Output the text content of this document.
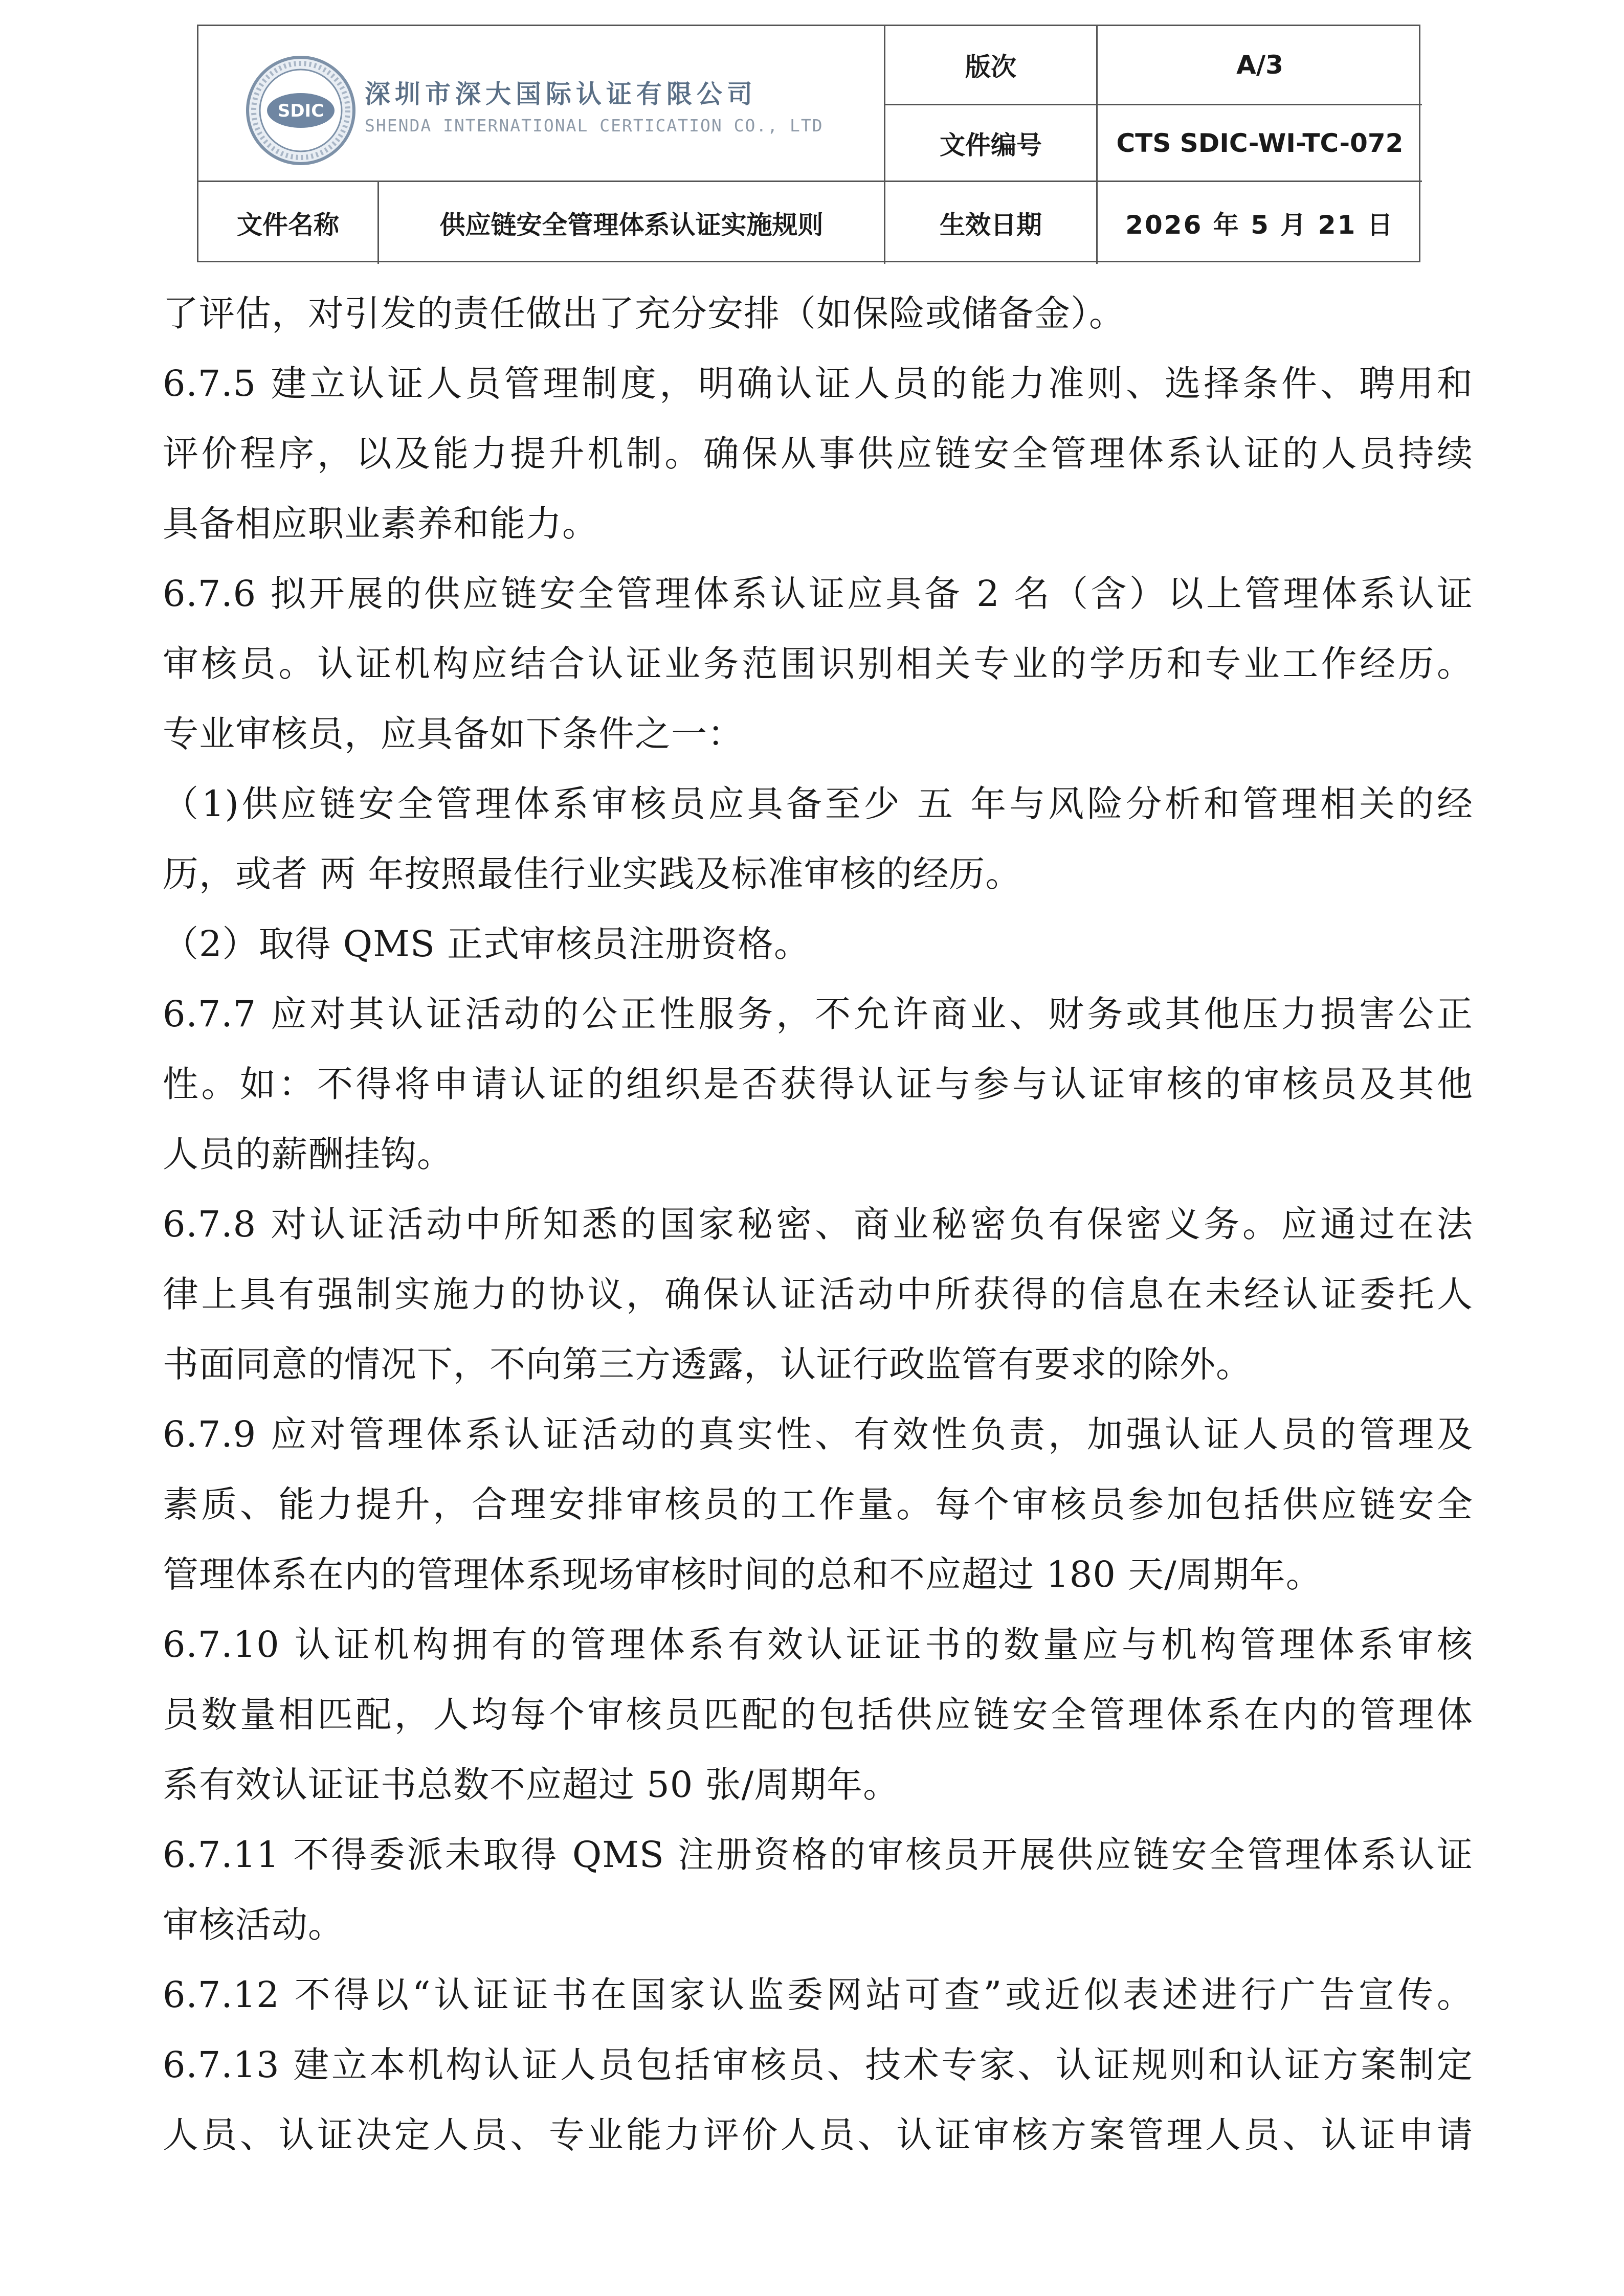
SDIC
深圳市深大国际认证有限公司
SHENDA INTERNATIONAL CERTICATION CO., LTD
版次	A/3
文件编号	CTS SDIC-WI-TC-072
文件名称	供应链安全管理体系认证实施规则	生效日期	2026 年 5 月 21 日
了评估，对引发的责任做出了充分安排（如保险或储备金）。
6.7.5 建立认证人员管理制度，明确认证人员的能力准则、选择条件、聘用和
评价程序，以及能力提升机制。确保从事供应链安全管理体系认证的人员持续
具备相应职业素养和能力。
6.7.6 拟开展的供应链安全管理体系认证应具备 2 名（含）以上管理体系认证
审核员。认证机构应结合认证业务范围识别相关专业的学历和专业工作经历。
专业审核员，应具备如下条件之一：
（1)供应链安全管理体系审核员应具备至少 五 年与风险分析和管理相关的经
历，或者 两 年按照最佳行业实践及标准审核的经历。
（2）取得 QMS 正式审核员注册资格。
6.7.7 应对其认证活动的公正性服务，不允许商业、财务或其他压力损害公正
性。如：不得将申请认证的组织是否获得认证与参与认证审核的审核员及其他
人员的薪酬挂钩。
6.7.8 对认证活动中所知悉的国家秘密、商业秘密负有保密义务。应通过在法
律上具有强制实施力的协议，确保认证活动中所获得的信息在未经认证委托人
书面同意的情况下，不向第三方透露，认证行政监管有要求的除外。
6.7.9 应对管理体系认证活动的真实性、有效性负责，加强认证人员的管理及
素质、能力提升，合理安排审核员的工作量。每个审核员参加包括供应链安全
管理体系在内的管理体系现场审核时间的总和不应超过 180 天/周期年。
6.7.10 认证机构拥有的管理体系有效认证证书的数量应与机构管理体系审核
员数量相匹配，人均每个审核员匹配的包括供应链安全管理体系在内的管理体
系有效认证证书总数不应超过 50 张/周期年。
6.7.11 不得委派未取得 QMS 注册资格的审核员开展供应链安全管理体系认证
审核活动。
6.7.12 不得以“认证证书在国家认监委网站可查”或近似表述进行广告宣传。
6.7.13 建立本机构认证人员包括审核员、技术专家、认证规则和认证方案制定
人员、认证决定人员、专业能力评价人员、认证审核方案管理人员、认证申请
